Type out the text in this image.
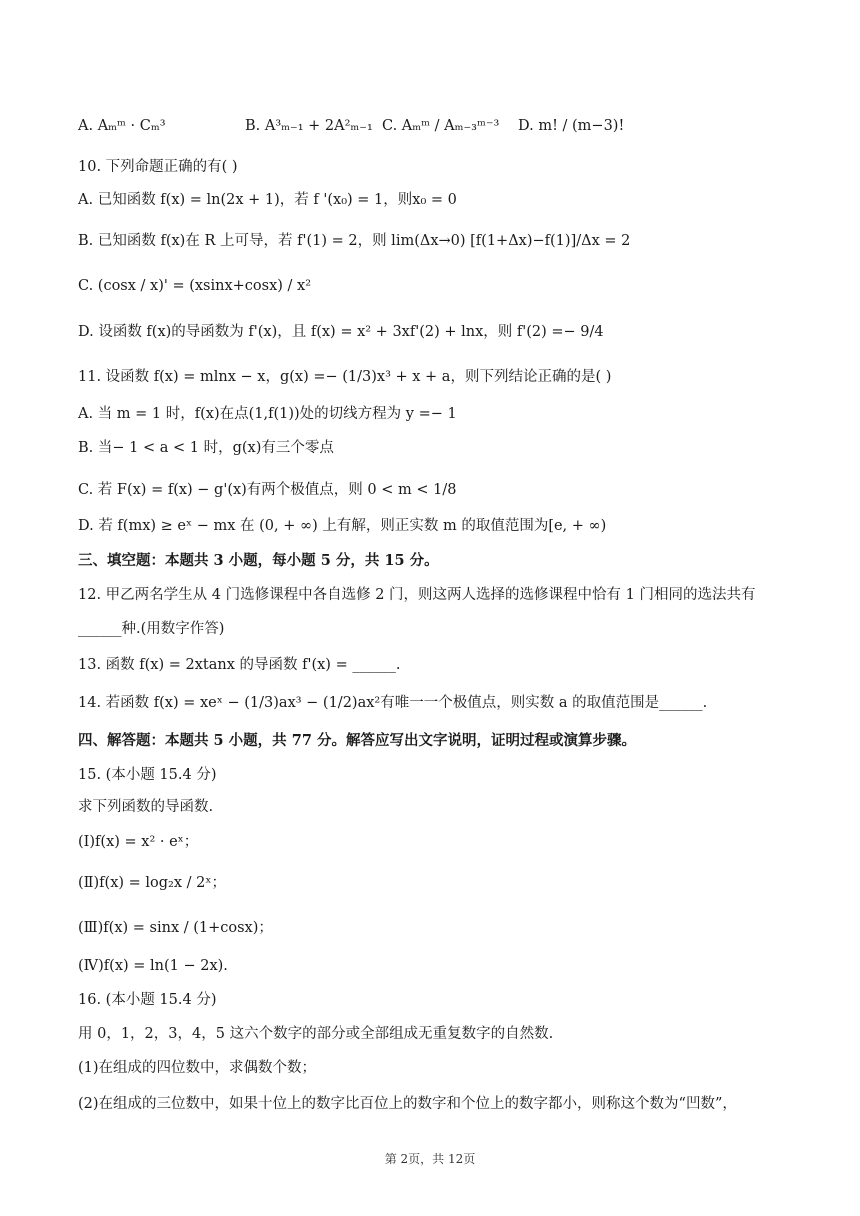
A. Aₘᵐ · Cₘ³	B. A³ₘ₋₁ + 2A²ₘ₋₁ C. Aₘᵐ / Aₘ₋₃ᵐ⁻³ D. m! / (m−3)!
10. 下列命题正确的有( )
A. 已知函数 f(x) = ln(2x + 1)，若 f '(x₀) = 1，则x₀ = 0
B. 已知函数 f(x)在 R 上可导，若 f'(1) = 2，则 lim(Δx→0) [f(1+Δx)−f(1)]/Δx = 2
C. (cosx / x)' = (xsinx+cosx) / x²
D. 设函数 f(x)的导函数为 f'(x)，且 f(x) = x² + 3xf'(2) + lnx，则 f'(2) =− 9/4
11. 设函数 f(x) = mlnx − x，g(x) =− (1/3)x³ + x + a，则下列结论正确的是( )
A. 当 m = 1 时，f(x)在点(1,f(1))处的切线方程为 y =− 1
B. 当− 1 < a < 1 时，g(x)有三个零点
C. 若 F(x) = f(x) − g'(x)有两个极值点，则 0 < m < 1/8
D. 若 f(mx) ≥ eˣ − mx 在 (0, + ∞) 上有解，则正实数 m 的取值范围为[e, + ∞)
三、填空题：本题共 3 小题，每小题 5 分，共 15 分。
12. 甲乙两名学生从 4 门选修课程中各自选修 2 门，则这两人选择的选修课程中恰有 1 门相同的选法共有
______种.(用数字作答)
13. 函数 f(x) = 2xtanx 的导函数 f'(x) = ______.
14. 若函数 f(x) = xeˣ − (1/3)ax³ − (1/2)ax²有唯一一个极值点，则实数 a 的取值范围是______.
四、解答题：本题共 5 小题，共 77 分。解答应写出文字说明，证明过程或演算步骤。
15. (本小题 15.4 分)
求下列函数的导函数.
(Ⅰ)f(x) = x² · eˣ；
(Ⅱ)f(x) = log₂x / 2ˣ；
(Ⅲ)f(x) = sinx / (1+cosx)；
(Ⅳ)f(x) = ln(1 − 2x).
16. (本小题 15.4 分)
用 0，1，2，3，4，5 这六个数字的部分或全部组成无重复数字的自然数.
(1)在组成的四位数中，求偶数个数；
(2)在组成的三位数中，如果十位上的数字比百位上的数字和个位上的数字都小，则称这个数为“凹数”，
第 2页，共 12页
